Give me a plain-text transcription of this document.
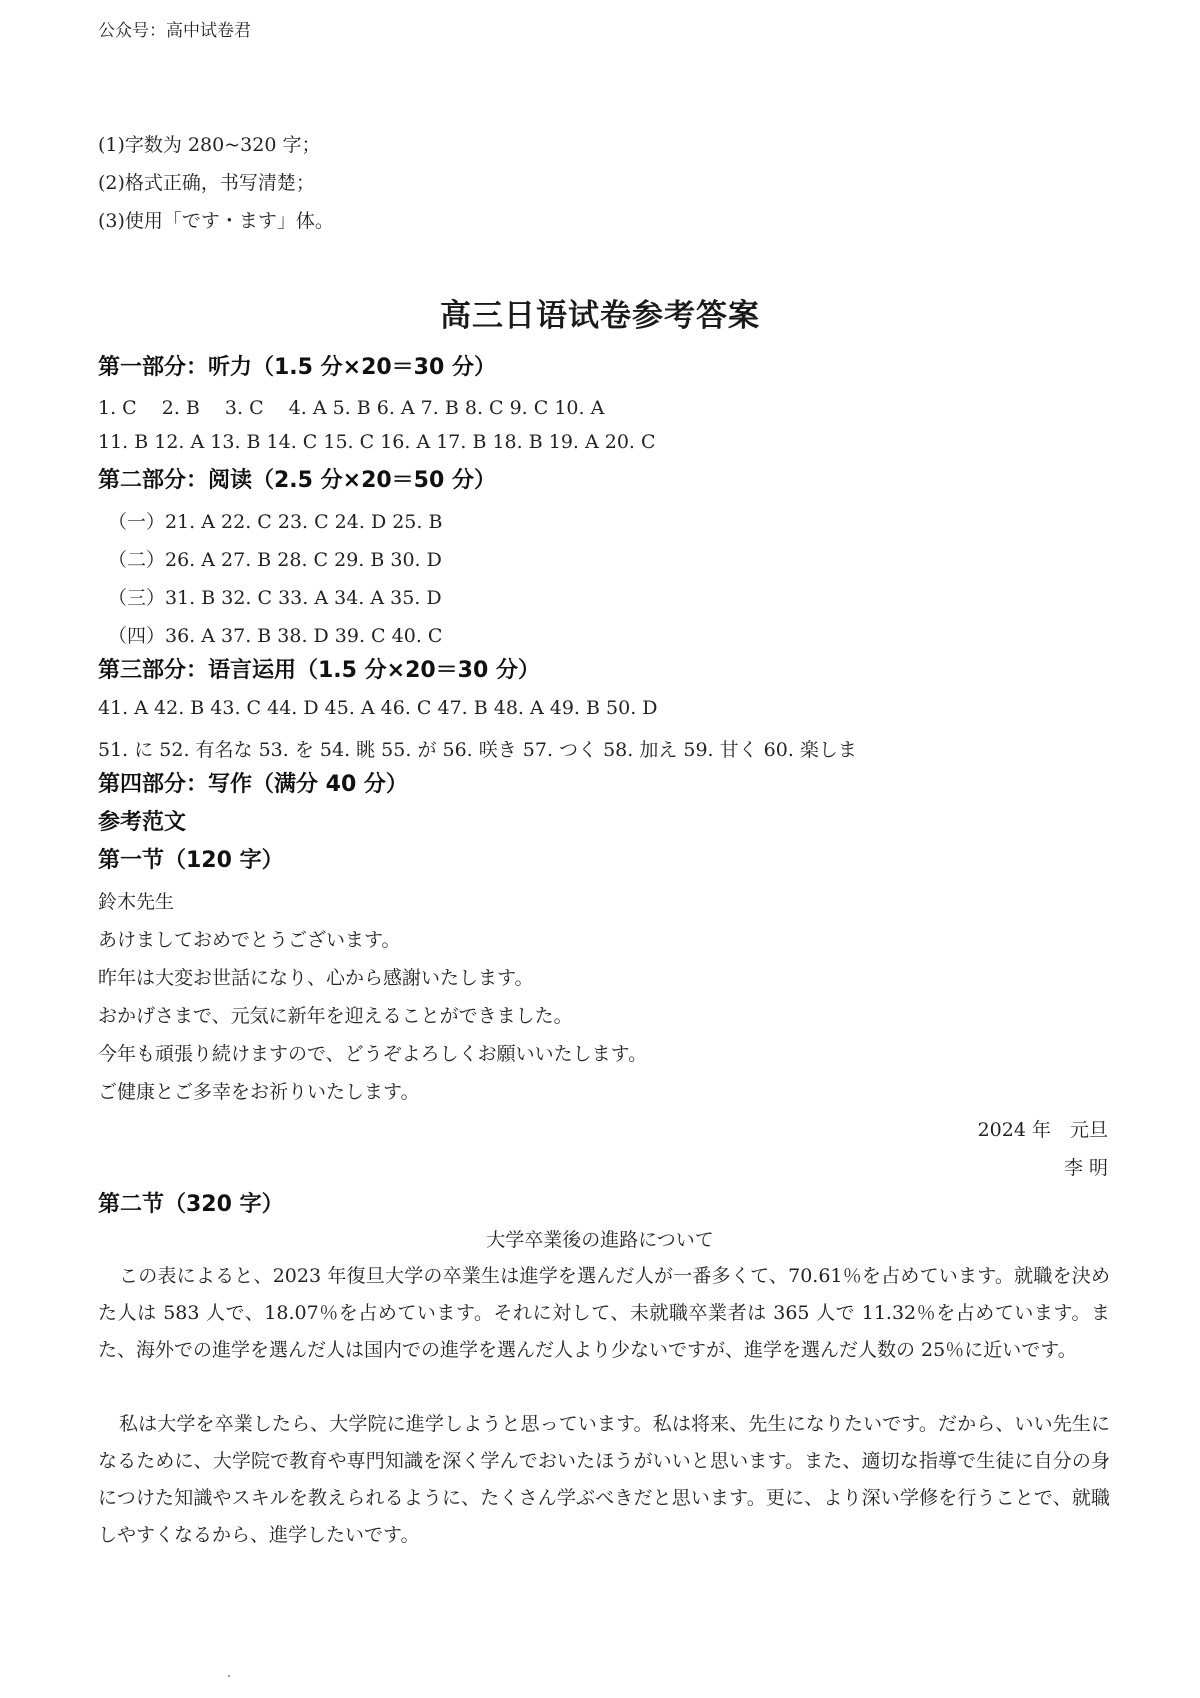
公众号：高中试卷君
(1)字数为 280~320 字；
(2)格式正确，书写清楚；
(3)使用「です・ます」体。
高三日语试卷参考答案
第一部分：听力（1.5 分×20＝30 分）
1. C　 2. B　 3. C　 4. A 5. B 6. A 7. B 8. C 9. C 10. A
11. B 12. A 13. B 14. C 15. C 16. A 17. B 18. B 19. A 20. C
第二部分：阅读（2.5 分×20＝50 分）
（一）21. A 22. C 23. C 24. D 25. B
（二）26. A 27. B 28. C 29. B 30. D
（三）31. B 32. C 33. A 34. A 35. D
（四）36. A 37. B 38. D 39. C 40. C
第三部分：语言运用（1.5 分×20＝30 分）
41. A 42. B 43. C 44. D 45. A 46. C 47. B 48. A 49. B 50. D
51. に 52. 有名な 53. を 54. 眺 55. が 56. 咲き 57. つく 58. 加え 59. 甘く 60. 楽しま
第四部分：写作（满分 40 分）
参考范文
第一节（120 字）
鈴木先生
あけましておめでとうございます。
昨年は大変お世話になり、心から感謝いたします。
おかげさまで、元気に新年を迎えることができました。
今年も頑張り続けますので、どうぞよろしくお願いいたします。
ご健康とご多幸をお祈りいたします。
2024 年　元旦
李 明
第二节（320 字）
大学卒業後の進路について

この表によると、2023 年復旦大学の卒業生は進学を選んだ人が一番多くて、70.61％を占めています。就職を決めた人は 583 人で、18.07％を占めています。それに対して、未就職卒業者は 365 人で 11.32％を占めています。また、海外での進学を選んだ人は国内での進学を選んだ人より少ないですが、進学を選んだ人数の 25％に近いです。

私は大学を卒業したら、大学院に進学しようと思っています。私は将来、先生になりたいです。だから、いい先生になるために、大学院で教育や専門知識を深く学んでおいたほうがいいと思います。また、適切な指導で生徒に自分の身につけた知識やスキルを教えられるように、たくさん学ぶべきだと思います。更に、より深い学修を行うことで、就職しやすくなるから、進学したいです。
